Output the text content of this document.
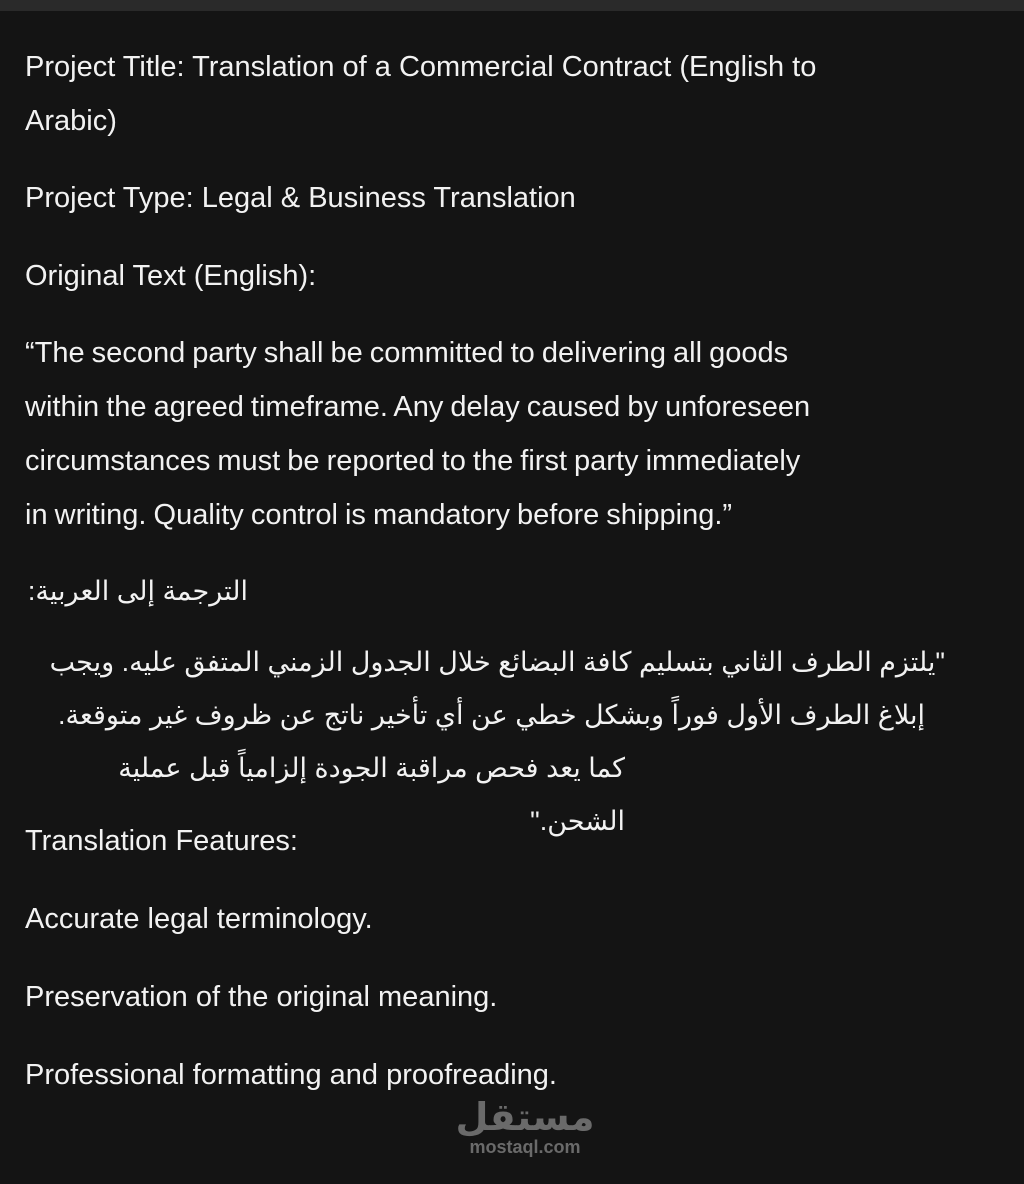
Project Title: Translation of a Commercial Contract (English to
Arabic)
Project Type: Legal & Business Translation
Original Text (English):
“The second party shall be committed to delivering all goods
within the agreed timeframe. Any delay caused by unforeseen
circumstances must be reported to the first party immediately
in writing. Quality control is mandatory before shipping.”
الترجمة إلى العربية:
"يلتزم الطرف الثاني بتسليم كافة البضائع خلال الجدول الزمني المتفق عليه. ويجب
إبلاغ الطرف الأول فوراً وبشكل خطي عن أي تأخير ناتج عن ظروف غير متوقعة.
كما يعد فحص مراقبة الجودة إلزامياً قبل عملية الشحن."
Translation Features:
Accurate legal terminology.
Preservation of the original meaning.
Professional formatting and proofreading.
مستقل
mostaql.com
